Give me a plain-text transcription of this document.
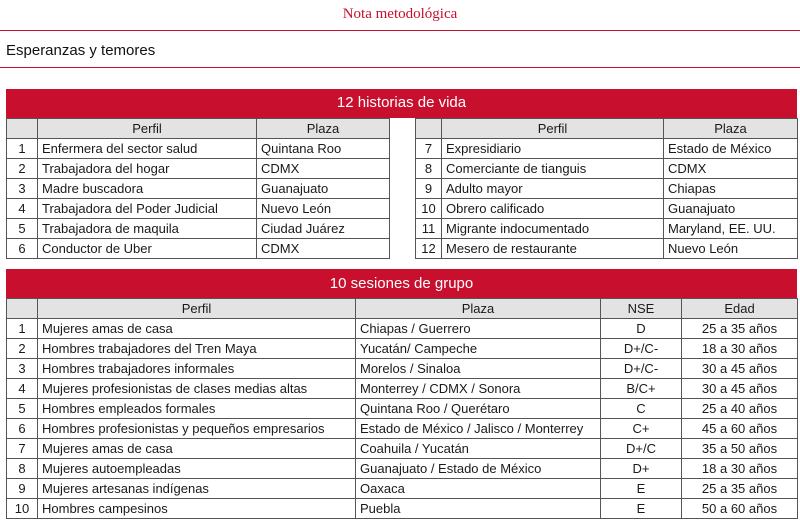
Nota metodológica
Esperanzas y temores
12 historias de vida
	Perfil	Plaza
1	Enfermera del sector salud	Quintana Roo
2	Trabajadora del hogar	CDMX
3	Madre buscadora	Guanajuato
4	Trabajadora del Poder Judicial	Nuevo León
5	Trabajadora de maquila	Ciudad Juárez
6	Conductor de Uber	CDMX
	Perfil	Plaza
7	Expresidiario	Estado de México
8	Comerciante de tianguis	CDMX
9	Adulto mayor	Chiapas
10	Obrero calificado	Guanajuato
11	Migrante indocumentado	Maryland, EE. UU.
12	Mesero de restaurante	Nuevo León
10 sesiones de grupo
	Perfil	Plaza	NSE	Edad
1	Mujeres amas de casa	Chiapas / Guerrero	D	25 a 35 años
2	Hombres trabajadores del Tren Maya	Yucatán/ Campeche	D+/C-	18 a 30 años
3	Hombres trabajadores informales	Morelos / Sinaloa	D+/C-	30 a 45 años
4	Mujeres profesionistas de clases medias altas	Monterrey / CDMX / Sonora	B/C+	30 a 45 años
5	Hombres empleados formales	Quintana Roo / Querétaro	C	25 a 40 años
6	Hombres profesionistas y pequeños empresarios	Estado de México / Jalisco / Monterrey	C+	45 a 60 años
7	Mujeres amas de casa	Coahuila / Yucatán	D+/C	35 a 50 años
8	Mujeres autoempleadas	Guanajuato / Estado de México	D+	18 a 30 años
9	Mujeres artesanas indígenas	Oaxaca	E	25 a 35 años
10	Hombres campesinos	Puebla	E	50 a 60 años
